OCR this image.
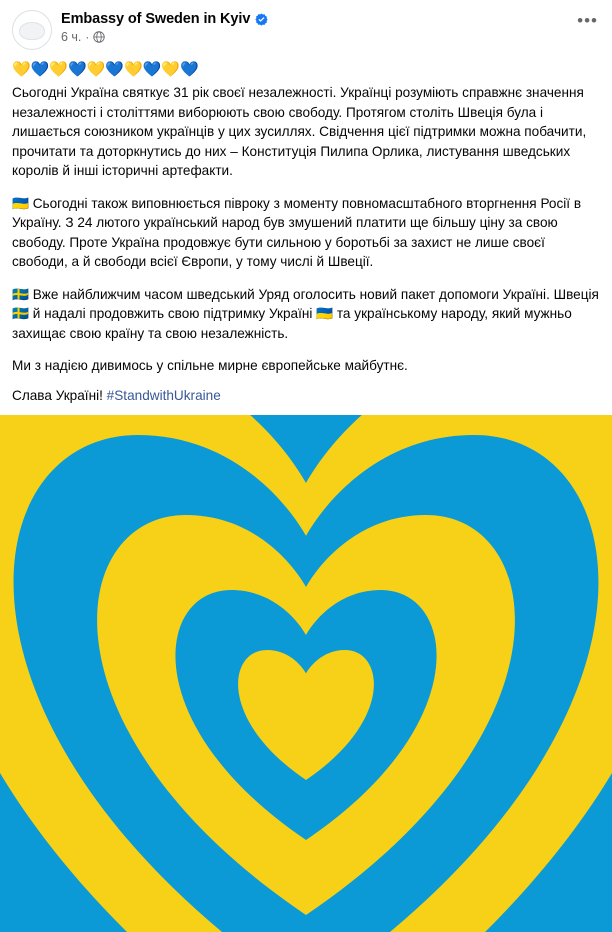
Embassy of Sweden in Kyiv
6 ч. ·
•••
💛💙💛💙💛💙💛💙💛💙

Сьогодні Україна святкує 31 рік своєї незалежності. Українці розуміють справжнє значення незалежності і століттями виборюють свою свободу. Протягом століть Швеція була і лишається союзником українців у цих зусиллях. Свідчення цієї підтримки можна побачити, прочитати та доторкнутись до них – Конституція Пилипа Орлика, листування шведських королів й інші історичні артефакти.

🇺🇦 Сьогодні також виповнюється півроку з моменту повномасштабного вторгнення Росії в Україну. З 24 лютого український народ був змушений платити ще більшу ціну за свою свободу. Проте Україна продовжує бути сильною у боротьбі за захист не лише своєї свободи, а й свободи всієї Європи, у тому числі й Швеції.

🇸🇪 Вже найближчим часом шведський Уряд оголосить новий пакет допомоги Україні. Швеція 🇸🇪 й надалі продовжить свою підтримку Україні 🇺🇦 та українському народу, який мужньо захищає свою країну та свою незалежність.

Ми з надією дивимось у спільне мирне європейське майбутнє.

Слава Україні! #StandwithUkraine
